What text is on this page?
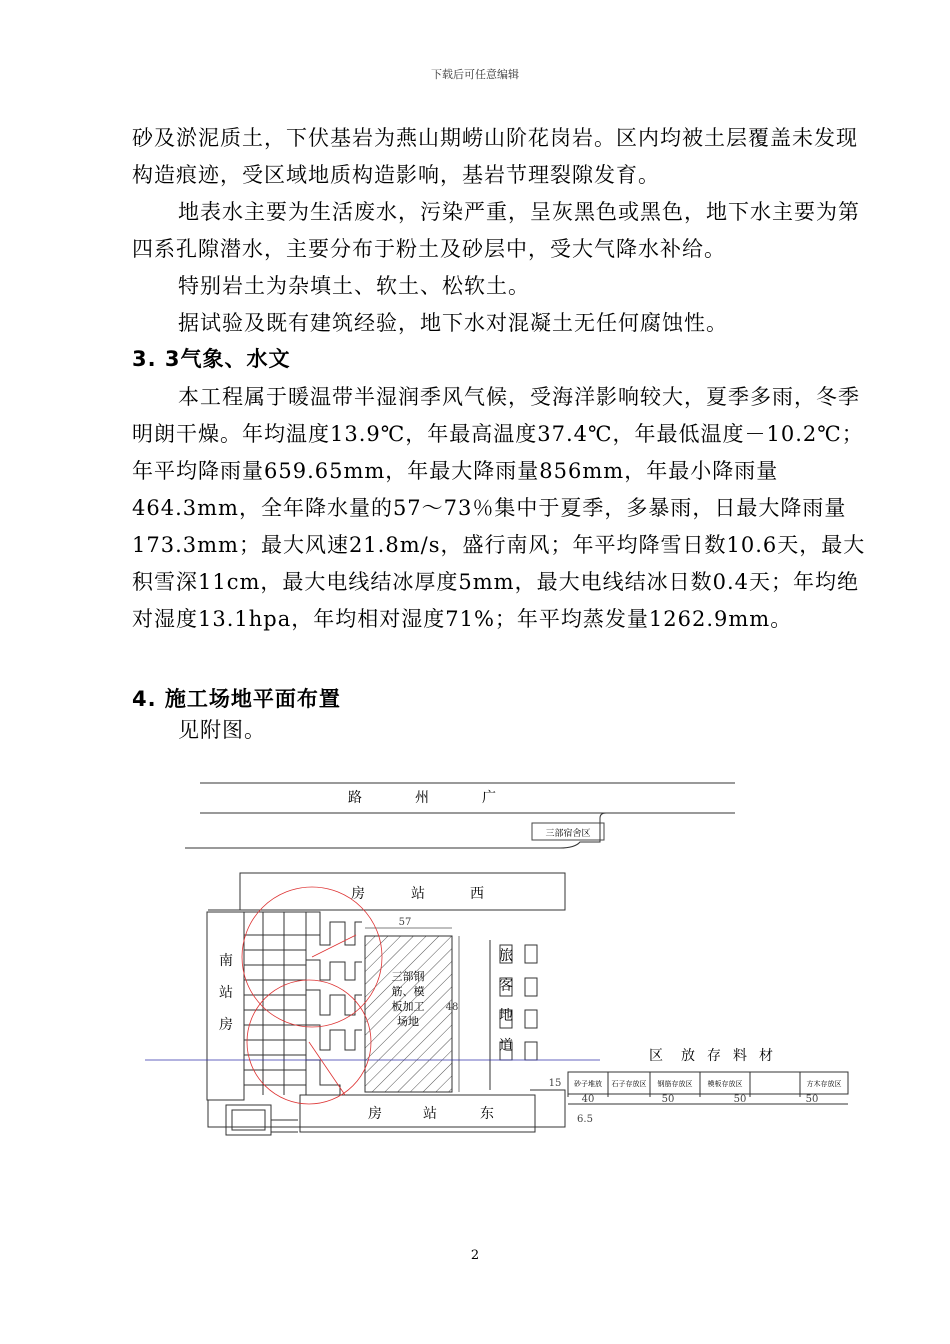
下载后可任意编辑

砂及淤泥质土，下伏基岩为燕山期崂山阶花岗岩。区内均被土层覆盖未发现构造痕迹，受区域地质构造影响，基岩节理裂隙发育。

地表水主要为生活废水，污染严重，呈灰黑色或黑色，地下水主要为第四系孔隙潜水，主要分布于粉土及砂层中，受大气降水补给。

特别岩土为杂填土、软土、松软土。

据试验及既有建筑经验，地下水对混凝土无任何腐蚀性。

3. 3气象、水文

本工程属于暖温带半湿润季风气候，受海洋影响较大，夏季多雨，冬季明朗干燥。年均温度13.9℃，年最高温度37.4℃，年最低温度－10.2℃；年平均降雨量659.65mm，年最大降雨量856mm，年最小降雨量464.3mm，全年降水量的57～73％集中于夏季，多暴雨，日最大降雨量173.3mm；最大风速21.8m/s，盛行南风；年平均降雪日数10.6天，最大积雪深11cm，最大电线结冰厚度5mm，最大电线结冰日数0.4天；年均绝对湿度13.1hpa，年均相对湿度71%；年平均蒸发量1262.9mm。

4. 施工场地平面布置

见附图。

路	州	广
三部宿舍区
房	站	西
南
站
房
旅
客
地
道
房	站	东
区 放 存 料 材
三部钢
筋、模
板加工
场地
57
48
15
40	50	50	50
6.5
砂子堆放 石子存放区 钢筋存放区 模板存放区	方木存放区
2
